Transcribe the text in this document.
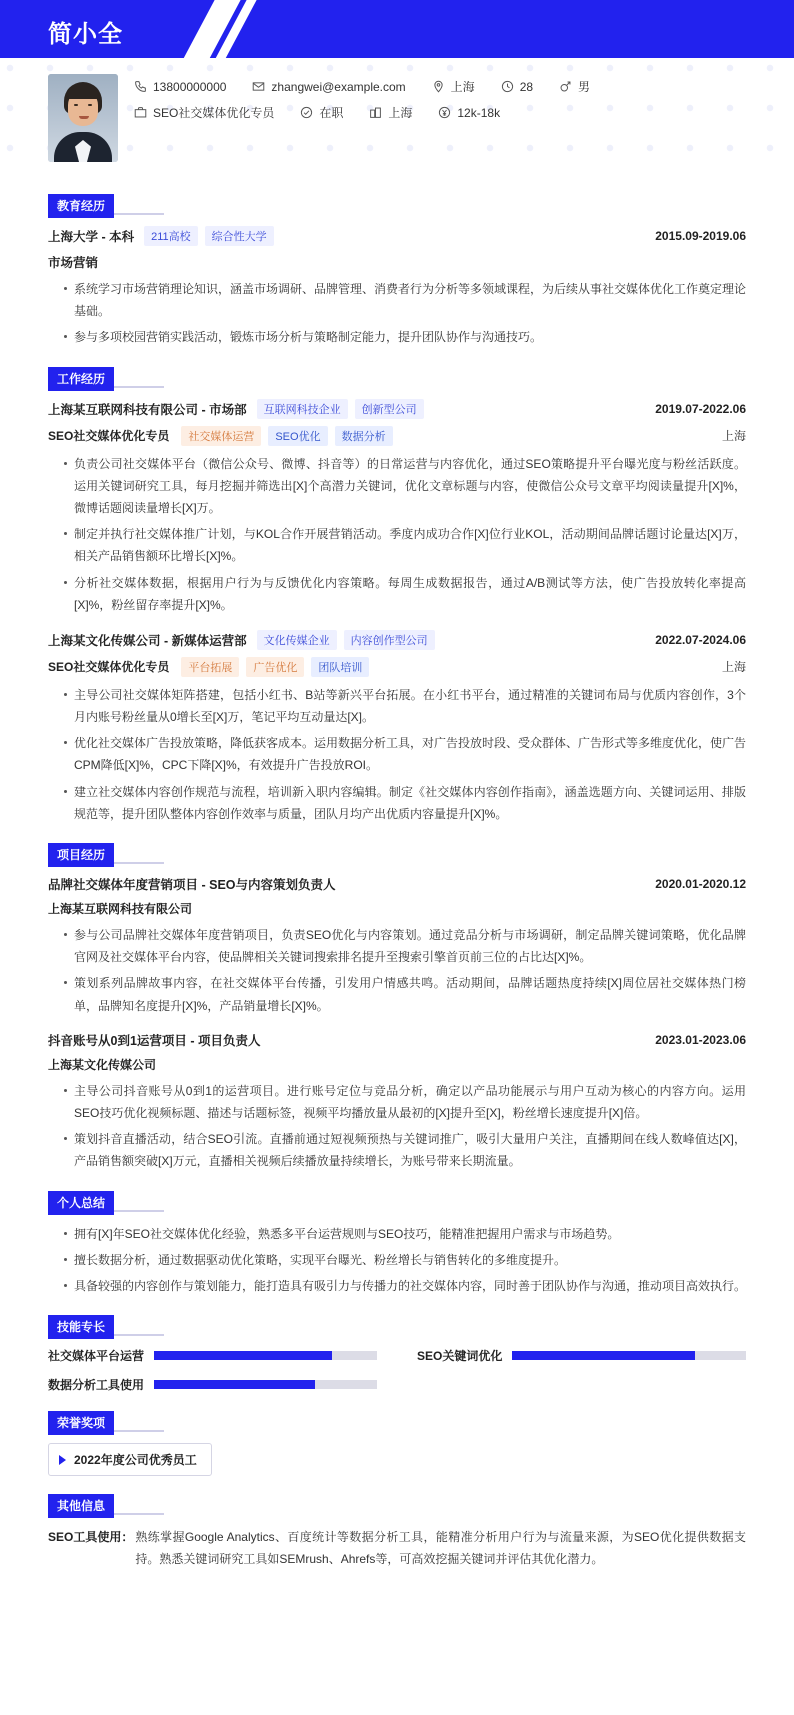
简小全
13800000000	zhangwei@example.com	上海	28	男
SEO社交媒体优化专员	在职	上海	12k-18k
教育经历
上海大学 - 本科	211高校	综合性大学	2015.09-2019.06
市场营销
系统学习市场营销理论知识，涵盖市场调研、品牌管理、消费者行为分析等多领域课程，为后续从事社交媒体优化工作奠定理论基础。
参与多项校园营销实践活动，锻炼市场分析与策略制定能力，提升团队协作与沟通技巧。
工作经历
上海某互联网科技有限公司 - 市场部	互联网科技企业	创新型公司	2019.07-2022.06
SEO社交媒体优化专员	社交媒体运营	SEO优化	数据分析	上海
负责公司社交媒体平台（微信公众号、微博、抖音等）的日常运营与内容优化，通过SEO策略提升平台曝光度与粉丝活跃度。运用关键词研究工具，每月挖掘并筛选出[X]个高潜力关键词，优化文章标题与内容，使微信公众号文章平均阅读量提升[X]%，微博话题阅读量增长[X]万。
制定并执行社交媒体推广计划，与KOL合作开展营销活动。季度内成功合作[X]位行业KOL，活动期间品牌话题讨论量达[X]万，相关产品销售额环比增长[X]%。
分析社交媒体数据，根据用户行为与反馈优化内容策略。每周生成数据报告，通过A/B测试等方法，使广告投放转化率提高[X]%，粉丝留存率提升[X]%。
上海某文化传媒公司 - 新媒体运营部	文化传媒企业	内容创作型公司	2022.07-2024.06
SEO社交媒体优化专员	平台拓展	广告优化	团队培训	上海
主导公司社交媒体矩阵搭建，包括小红书、B站等新兴平台拓展。在小红书平台，通过精准的关键词布局与优质内容创作，3个月内账号粉丝量从0增长至[X]万，笔记平均互动量达[X]。
优化社交媒体广告投放策略，降低获客成本。运用数据分析工具，对广告投放时段、受众群体、广告形式等多维度优化，使广告CPM降低[X]%，CPC下降[X]%，有效提升广告投放ROI。
建立社交媒体内容创作规范与流程，培训新入职内容编辑。制定《社交媒体内容创作指南》，涵盖选题方向、关键词运用、排版规范等，提升团队整体内容创作效率与质量，团队月均产出优质内容量提升[X]%。
项目经历
品牌社交媒体年度营销项目 - SEO与内容策划负责人	2020.01-2020.12
上海某互联网科技有限公司
参与公司品牌社交媒体年度营销项目，负责SEO优化与内容策划。通过竞品分析与市场调研，制定品牌关键词策略，优化品牌官网及社交媒体平台内容，使品牌相关关键词搜索排名提升至搜索引擎首页前三位的占比达[X]%。
策划系列品牌故事内容，在社交媒体平台传播，引发用户情感共鸣。活动期间，品牌话题热度持续[X]周位居社交媒体热门榜单，品牌知名度提升[X]%，产品销量增长[X]%。
抖音账号从0到1运营项目 - 项目负责人	2023.01-2023.06
上海某文化传媒公司
主导公司抖音账号从0到1的运营项目。进行账号定位与竞品分析，确定以产品功能展示与用户互动为核心的内容方向。运用SEO技巧优化视频标题、描述与话题标签，视频平均播放量从最初的[X]提升至[X]，粉丝增长速度提升[X]倍。
策划抖音直播活动，结合SEO引流。直播前通过短视频预热与关键词推广，吸引大量用户关注，直播期间在线人数峰值达[X]，产品销售额突破[X]万元，直播相关视频后续播放量持续增长，为账号带来长期流量。
个人总结
拥有[X]年SEO社交媒体优化经验，熟悉多平台运营规则与SEO技巧，能精准把握用户需求与市场趋势。
擅长数据分析，通过数据驱动优化策略，实现平台曝光、粉丝增长与销售转化的多维度提升。
具备较强的内容创作与策划能力，能打造具有吸引力与传播力的社交媒体内容，同时善于团队协作与沟通，推动项目高效执行。
技能专长
社交媒体平台运营	SEO关键词优化
数据分析工具使用
荣誉奖项
2022年度公司优秀员工
其他信息
SEO工具使用： 熟练掌握Google Analytics、百度统计等数据分析工具，能精准分析用户行为与流量来源，为SEO优化提供数据支持。熟悉关键词研究工具如SEMrush、Ahrefs等，可高效挖掘关键词并评估其优化潜力。
